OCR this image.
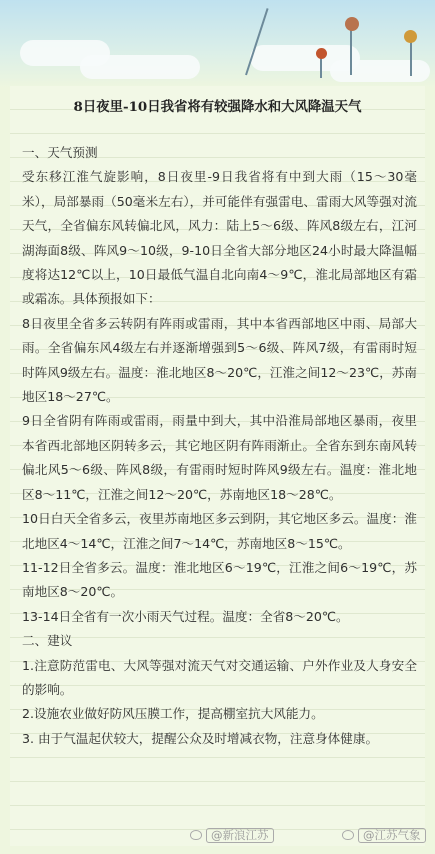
8日夜里-10日我省将有较强降水和大风降温天气

一、天气预测

受东移江淮气旋影响，8日夜里-9日我省将有中到大雨（15～30毫米），局部暴雨（50毫米左右），并可能伴有强雷电、雷雨大风等强对流天气，全省偏东风转偏北风，风力：陆上5～6级、阵风8级左右，江河湖海面8级、阵风9～10级，9-10日全省大部分地区24小时最大降温幅度将达12℃以上，10日最低气温自北向南4～9℃，淮北局部地区有霜或霜冻。具体预报如下：

8日夜里全省多云转阴有阵雨或雷雨，其中本省西部地区中雨、局部大雨。全省偏东风4级左右并逐渐增强到5～6级、阵风7级，有雷雨时短时阵风9级左右。温度：淮北地区8～20℃，江淮之间12～23℃，苏南地区18～27℃。

9日全省阴有阵雨或雷雨，雨量中到大，其中沿淮局部地区暴雨，夜里本省西北部地区阴转多云，其它地区阴有阵雨渐止。全省东到东南风转偏北风5～6级、阵风8级，有雷雨时短时阵风9级左右。温度：淮北地区8～11℃，江淮之间12～20℃，苏南地区18～28℃。

10日白天全省多云，夜里苏南地区多云到阴，其它地区多云。温度：淮北地区4～14℃，江淮之间7～14℃，苏南地区8～15℃。

11-12日全省多云。温度：淮北地区6～19℃，江淮之间6～19℃，苏南地区8～20℃。

13-14日全省有一次小雨天气过程。温度：全省8～20℃。

二、建议

1.注意防范雷电、大风等强对流天气对交通运输、户外作业及人身安全的影响。

2.设施农业做好防风压膜工作，提高棚室抗大风能力。

3. 由于气温起伏较大，提醒公众及时增减衣物，注意身体健康。

@新浪江苏	@江苏气象
